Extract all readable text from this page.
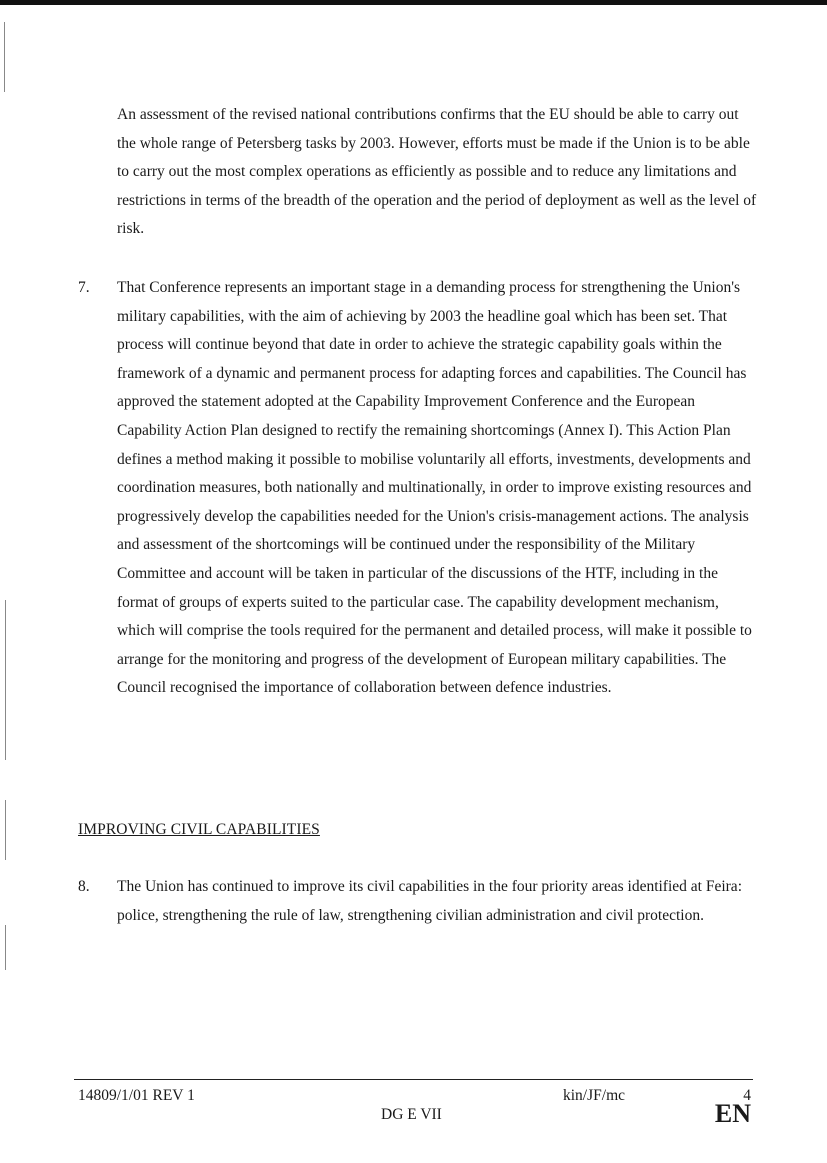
An assessment of the revised national contributions confirms that the EU should be able to carry out the whole range of Petersberg tasks by 2003. However, efforts must be made if the Union is to be able to carry out the most complex operations as efficiently as possible and to reduce any limitations and restrictions in terms of the breadth of the operation and the period of deployment as well as the level of risk.

7. That Conference represents an important stage in a demanding process for strengthening the Union's military capabilities, with the aim of achieving by 2003 the headline goal which has been set. That process will continue beyond that date in order to achieve the strategic capability goals within the framework of a dynamic and permanent process for adapting forces and capabilities. The Council has approved the statement adopted at the Capability Improvement Conference and the European Capability Action Plan designed to rectify the remaining shortcomings (Annex I). This Action Plan defines a method making it possible to mobilise voluntarily all efforts, investments, developments and coordination measures, both nationally and multinationally, in order to improve existing resources and progressively develop the capabilities needed for the Union's crisis-management actions. The analysis and assessment of the shortcomings will be continued under the responsibility of the Military Committee and account will be taken in particular of the discussions of the HTF, including in the format of groups of experts suited to the particular case. The capability development mechanism, which will comprise the tools required for the permanent and detailed process, will make it possible to arrange for the monitoring and progress of the development of European military capabilities. The Council recognised the importance of collaboration between defence industries.

IMPROVING CIVIL CAPABILITIES
8. The Union has continued to improve its civil capabilities in the four priority areas identified at Feira: police, strengthening the rule of law, strengthening civilian administration and civil protection.

14809/1/01 REV 1	kin/JF/mc	4
DG E VII	EN
